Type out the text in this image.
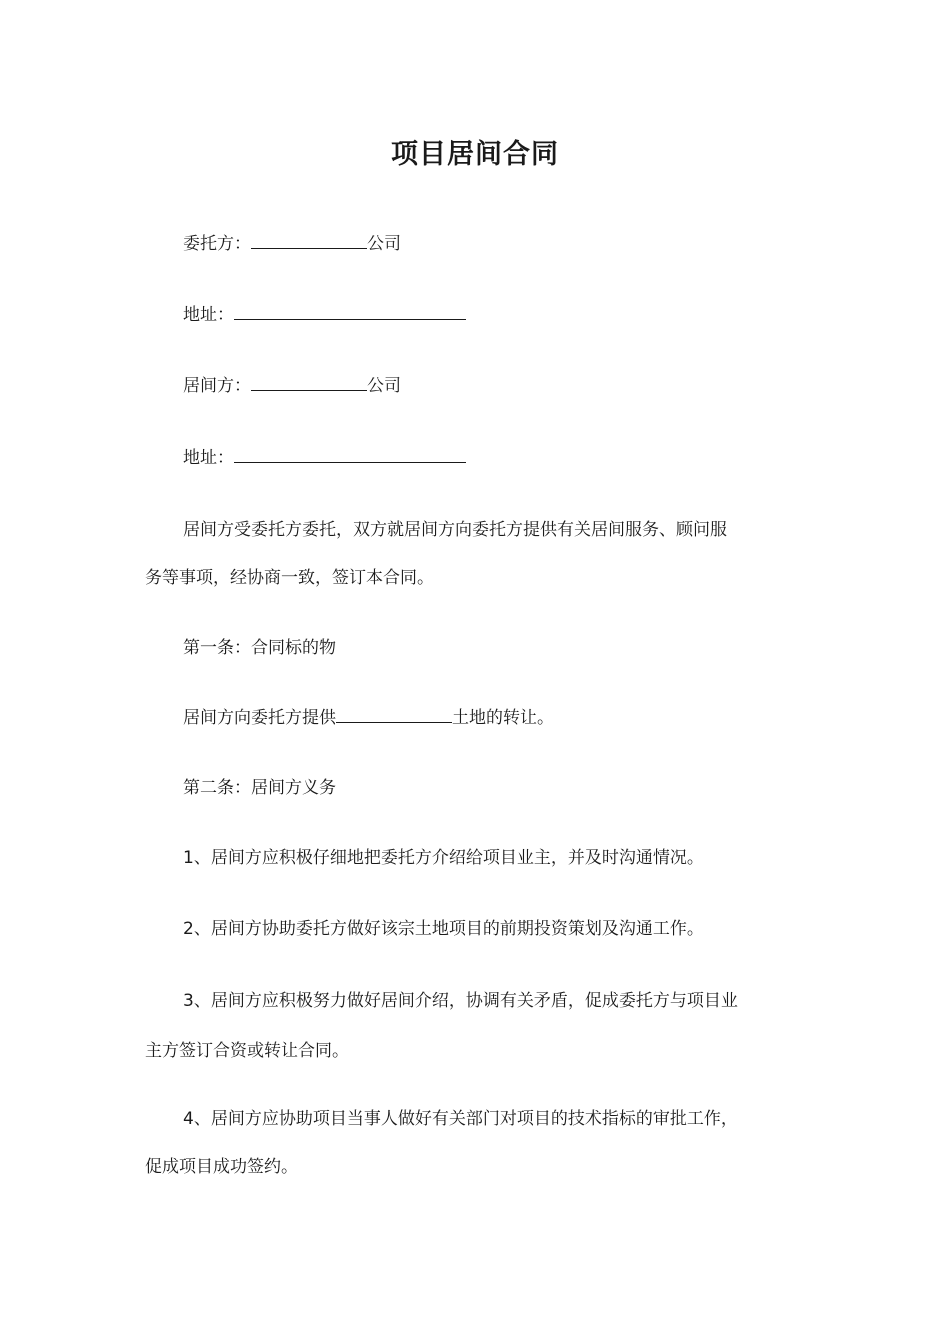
项目居间合同
委托方：	公司
地址：
居间方：	公司
地址：
居间方受委托方委托，双方就居间方向委托方提供有关居间服务、顾问服
务等事项，经协商一致，签订本合同。
第一条：合同标的物
居间方向委托方提供	土地的转让。
第二条：居间方义务
1、居间方应积极仔细地把委托方介绍给项目业主，并及时沟通情况。
2、居间方协助委托方做好该宗土地项目的前期投资策划及沟通工作。
3、居间方应积极努力做好居间介绍，协调有关矛盾，促成委托方与项目业
主方签订合资或转让合同。
4、居间方应协助项目当事人做好有关部门对项目的技术指标的审批工作，
促成项目成功签约。
